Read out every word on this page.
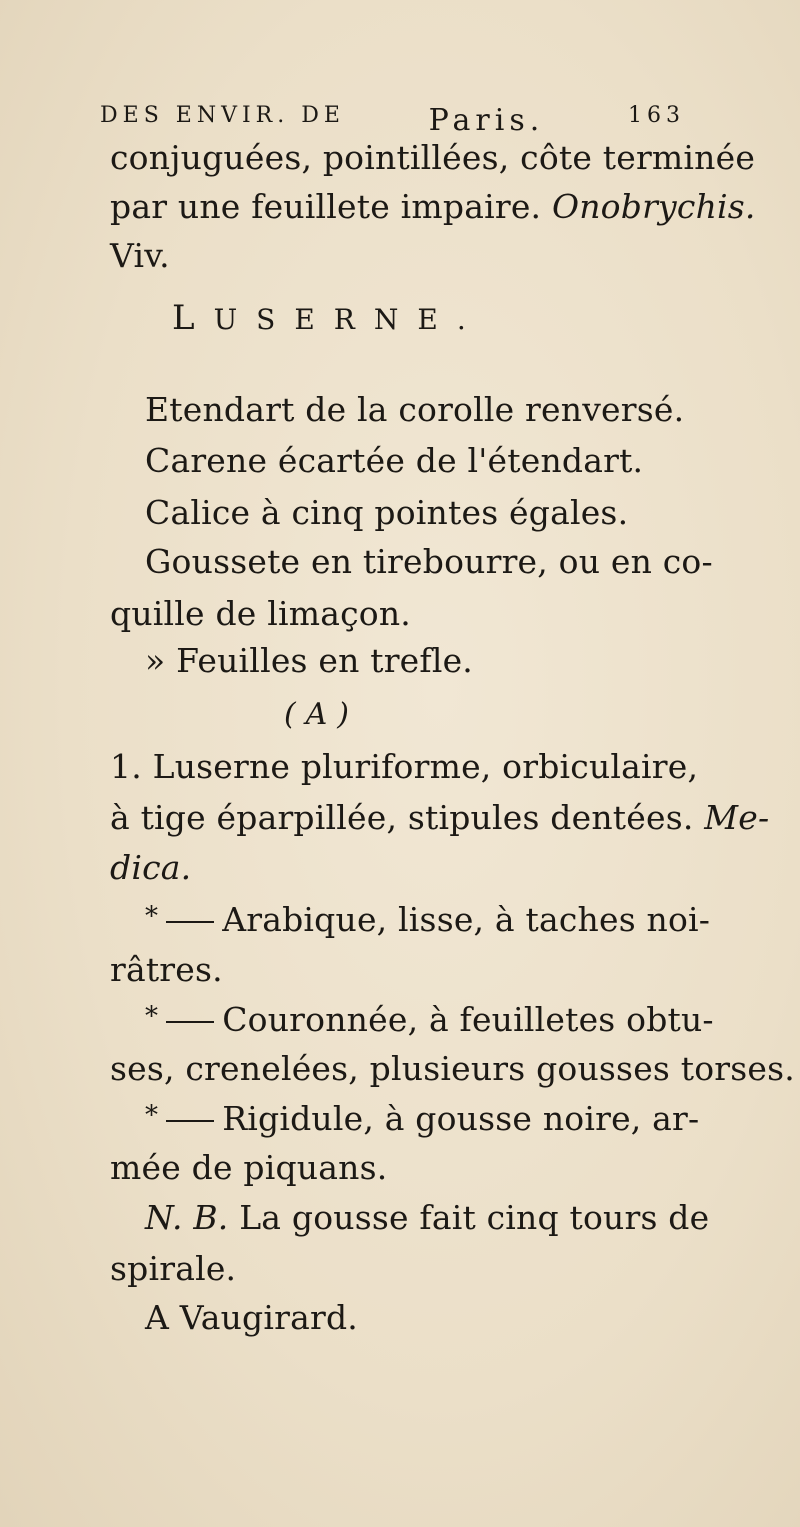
DES ENVIR. DE	Paris.	163
conjuguées, pointillées, côte terminée
par une feuillete impaire. Onobrychis.
Viv.
LUSERNE.
Etendart de la corolle renversé.
Carene écartée de l'étendart.
Calice à cinq pointes égales.
Goussete en tirebourre, ou en co-
quille de limaçon.
» Feuilles en trefle.
( A )
1. Luserne pluriforme, orbiculaire,
à tige éparpillée, stipules dentées. Me-
dica.
* Arabique, lisse, à taches noi-
râtres.
* Couronnée, à feuilletes obtu-
ses, crenelées, plusieurs gousses torses.
* Rigidule, à gousse noire, ar-
mée de piquans.
N. B. La gousse fait cinq tours de
spirale.
A Vaugirard.
